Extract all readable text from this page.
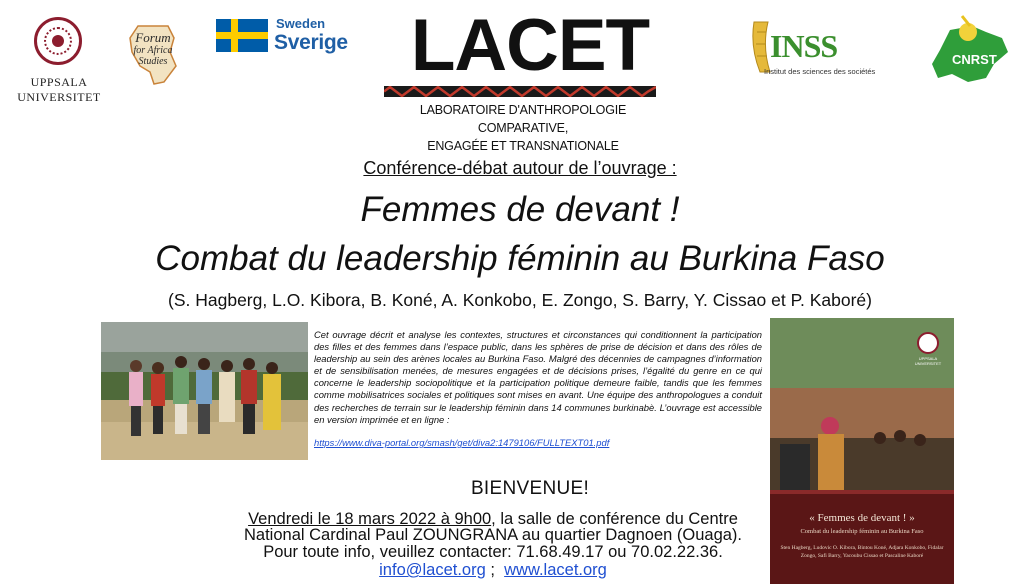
UPPSALA
UNIVERSITET
Forum
for Africa
Studies
Sweden
Sverige LACET
LABORATOIRE D'ANTHROPOLOGIE COMPARATIVE,
ENGAGÉE ET TRANSNATIONALE
INSS
Institut des sciences des sociétés
CNRST
Conférence-débat autour de l’ouvrage :
Femmes de devant !
Combat du leadership féminin au Burkina Faso
(S. Hagberg, L.O. Kibora, B. Koné, A. Konkobo, E. Zongo, S. Barry, Y. Cissao et P. Kaboré)
Cet ouvrage décrit et analyse les contextes, structures et circonstances qui conditionnent la participation des filles et des femmes dans l’espace public, dans les sphères de prise de décision et dans des rôles de leadership au sein des arènes locales au Burkina Faso. Malgré des décennies de campagnes d’information et de sensibilisation menées, de mesures engagées et de décisions prises, l’égalité du genre en ce qui concerne le leadership sociopolitique et la participation politique demeure faible, tandis que les femmes comme mobilisatrices sociales et politiques sont mises en avant. Une équipe des anthropologues a conduit des recherches de terrain sur le leadership féminin dans 14 communes burkinabè. L’ouvrage est accessible en version imprimée et en ligne :
https://www.diva-portal.org/smash/get/diva2:1479106/FULLTEXT01.pdf
UPPSALA UNIVERSITET
« Femmes de devant ! »
Combat du leadership féminin au Burkina Faso
Sten Hagberg, Ludovic O. Kibora, Bintou Koné, Adjara Konkobo, Fidalar Zongo, Safi Barry, Yacoubu Cissao et Pascaline Kaboré
BIENVENUE!
Vendredi le 18 mars 2022 à 9h00, la salle de conférence du Centre
National Cardinal Paul ZOUNGRANA au quartier Dagnoen (Ouaga).
Pour toute info, veuillez contacter: 71.68.49.17 ou 70.02.22.36.
info@lacet.org ;  www.lacet.org
